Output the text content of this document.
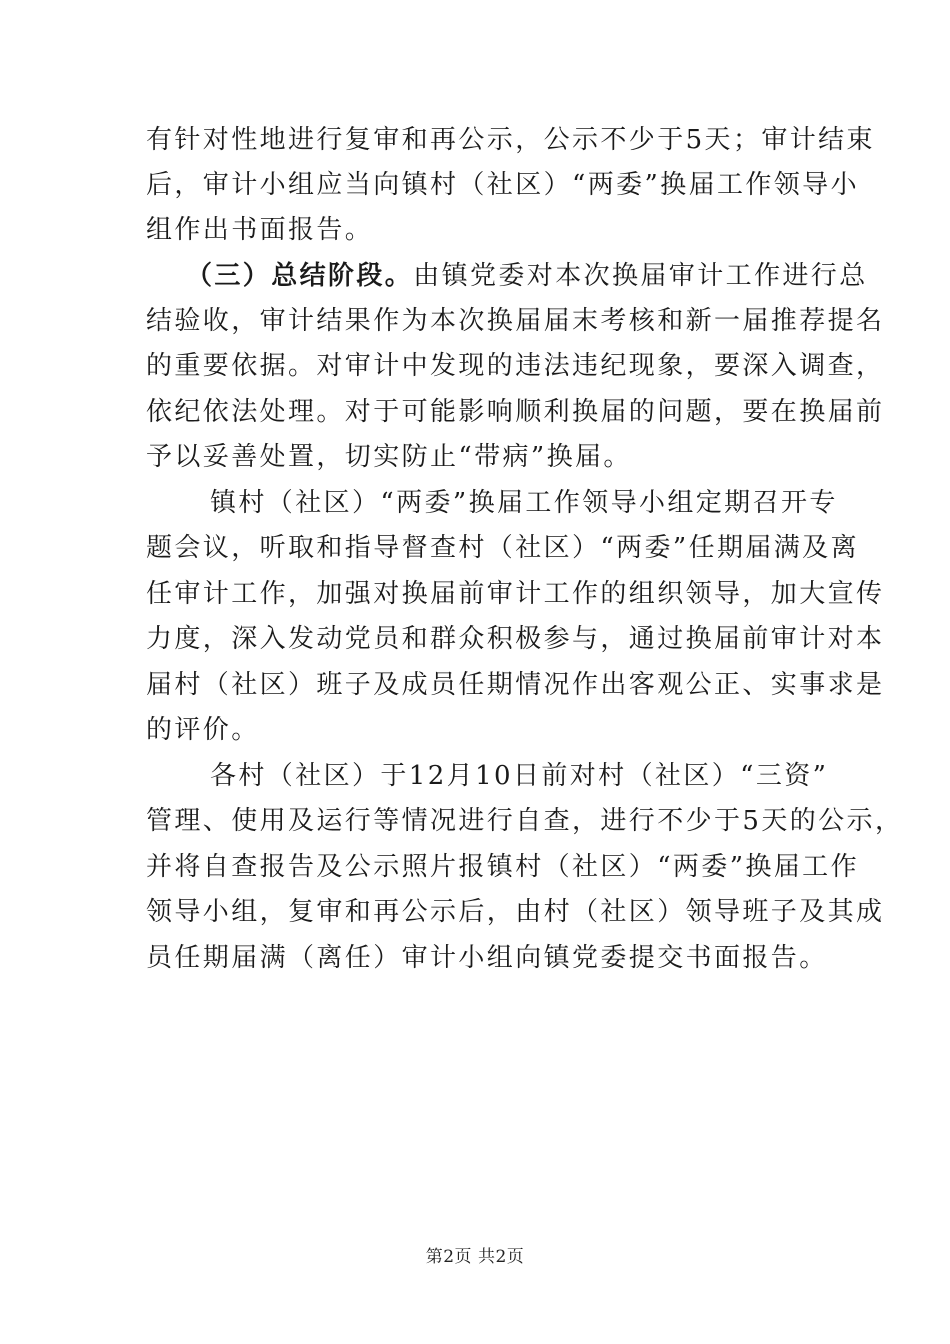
有针对性地进行复审和再公示，公示不少于5天；审计结束
后，审计小组应当向镇村（社区）“两委”换届工作领导小
组作出书面报告。
（三）总结阶段。由镇党委对本次换届审计工作进行总
结验收，审计结果作为本次换届届末考核和新一届推荐提名
的重要依据。对审计中发现的违法违纪现象，要深入调查，
依纪依法处理。对于可能影响顺利换届的问题，要在换届前
予以妥善处置，切实防止“带病”换届。
镇村（社区）“两委”换届工作领导小组定期召开专
题会议，听取和指导督查村（社区）“两委”任期届满及离
任审计工作，加强对换届前审计工作的组织领导，加大宣传
力度，深入发动党员和群众积极参与，通过换届前审计对本
届村（社区）班子及成员任期情况作出客观公正、实事求是
的评价。
各村（社区）于12月10日前对村（社区）“三资”
管理、使用及运行等情况进行自查，进行不少于5天的公示，
并将自查报告及公示照片报镇村（社区）“两委”换届工作
领导小组，复审和再公示后，由村（社区）领导班子及其成
员任期届满（离任）审计小组向镇党委提交书面报告。
第2页 共2页
